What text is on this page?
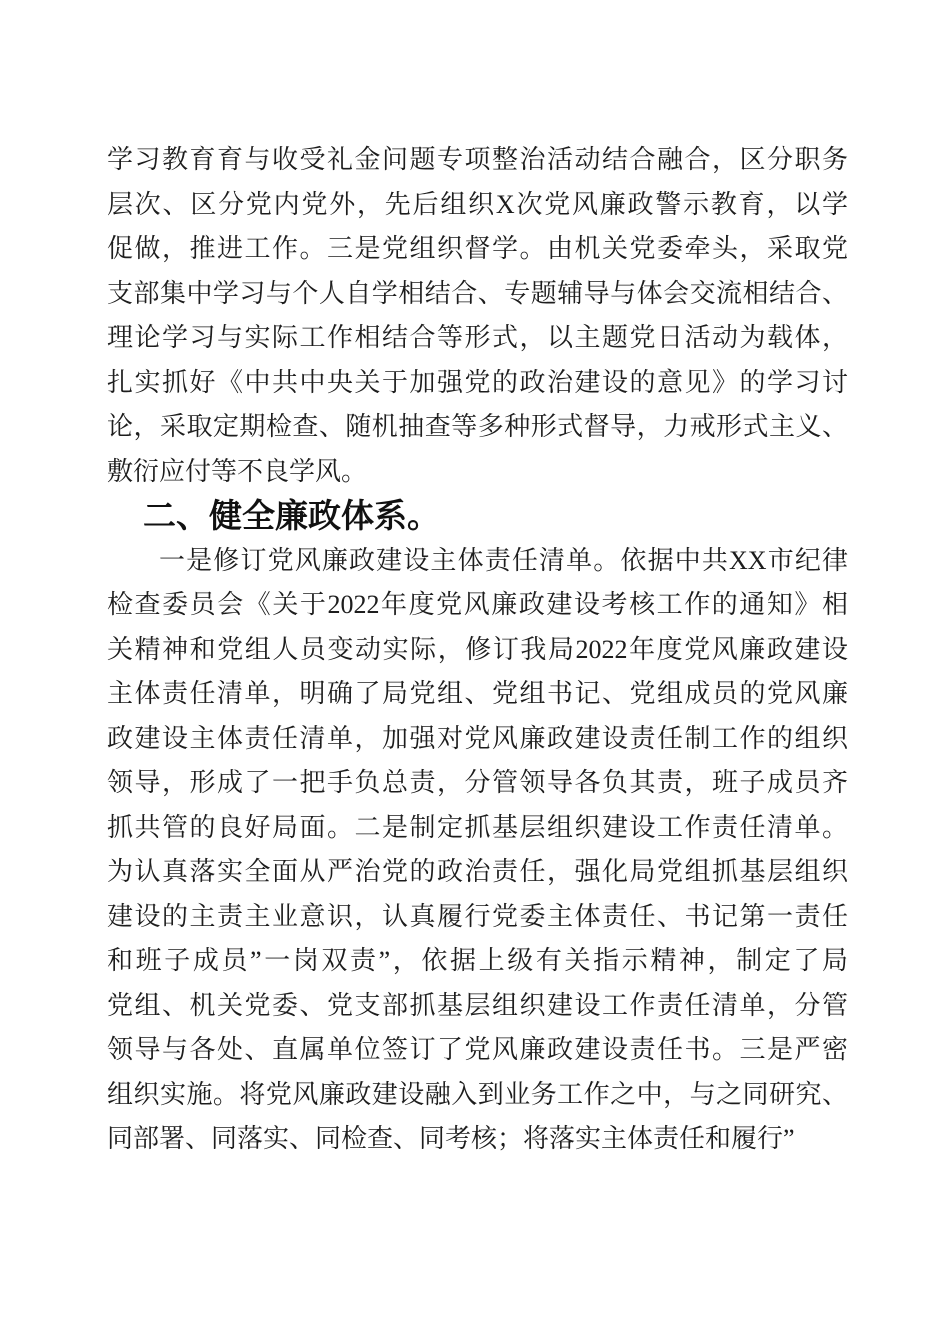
学习教育育与收受礼金问题专项整治活动结合融合，区分职务
层次、区分党内党外，先后组织X次党风廉政警示教育，以学
促做，推进工作。三是党组织督学。由机关党委牵头，采取党
支部集中学习与个人自学相结合、专题辅导与体会交流相结合、
理论学习与实际工作相结合等形式，以主题党日活动为载体，
扎实抓好《中共中央关于加强党的政治建设的意见》的学习讨
论，采取定期检查、随机抽查等多种形式督导，力戒形式主义、
敷衍应付等不良学风。
二、健全廉政体系。
一是修订党风廉政建设主体责任清单。依据中共XX市纪律
检查委员会《关于2022年度党风廉政建设考核工作的通知》相
关精神和党组人员变动实际，修订我局2022年度党风廉政建设
主体责任清单，明确了局党组、党组书记、党组成员的党风廉
政建设主体责任清单，加强对党风廉政建设责任制工作的组织
领导，形成了一把手负总责，分管领导各负其责，班子成员齐
抓共管的良好局面。二是制定抓基层组织建设工作责任清单。
为认真落实全面从严治党的政治责任，强化局党组抓基层组织
建设的主责主业意识，认真履行党委主体责任、书记第一责任
和班子成员”一岗双责”，依据上级有关指示精神，制定了局
党组、机关党委、党支部抓基层组织建设工作责任清单，分管
领导与各处、直属单位签订了党风廉政建设责任书。三是严密
组织实施。将党风廉政建设融入到业务工作之中，与之同研究、
同部署、同落实、同检查、同考核；将落实主体责任和履行”
